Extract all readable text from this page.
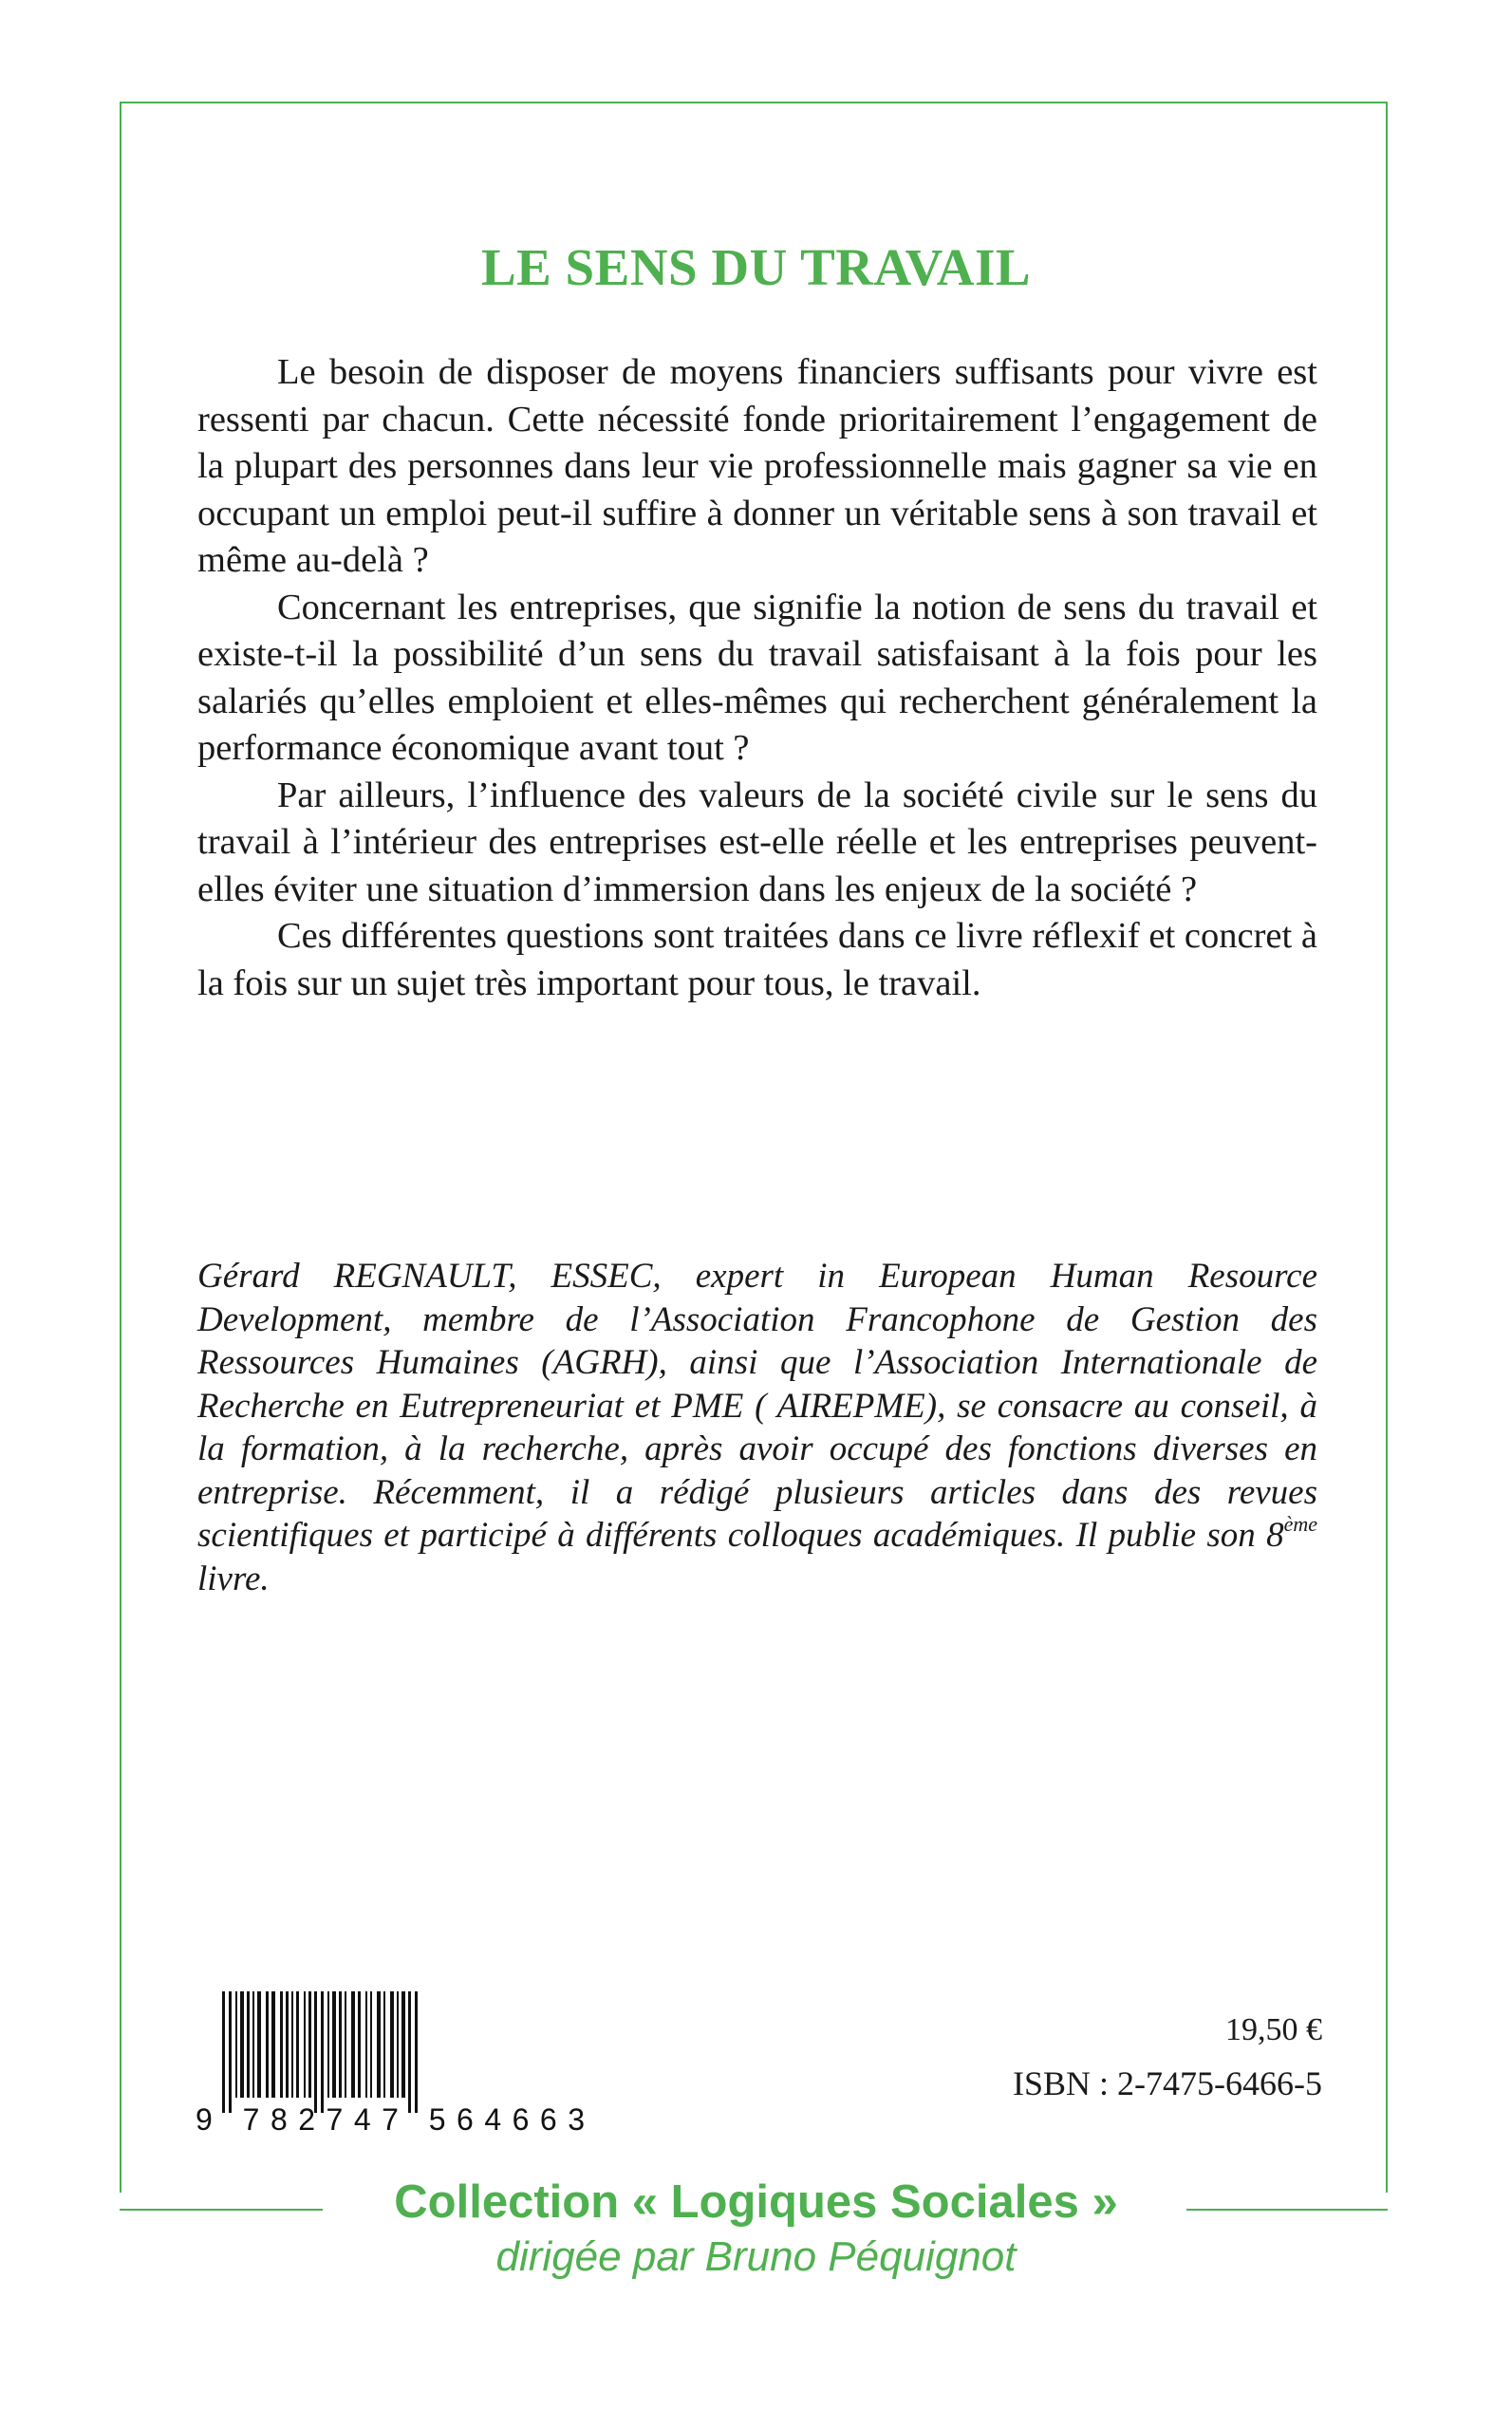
LE SENS DU TRAVAIL

Le besoin de disposer de moyens financiers suffisants pour vivre est ressenti par chacun. Cette nécessité fonde prioritairement l’engagement de la plupart des personnes dans leur vie professionnelle mais gagner sa vie en occupant un emploi peut-il suffire à donner un véritable sens à son travail et même au-delà ?

Concernant les entreprises, que signifie la notion de sens du travail et existe-t-il la possibilité d’un sens du travail satisfaisant à la fois pour les salariés qu’elles emploient et elles-mêmes qui recherchent généralement la performance économique avant tout ?

Par ailleurs, l’influence des valeurs de la société civile sur le sens du travail à l’intérieur des entreprises est-elle réelle et les entreprises peuvent-elles éviter une situation d’immersion dans les enjeux de la société ?

Ces différentes questions sont traitées dans ce livre réflexif et concret à la fois sur un sujet très important pour tous, le travail.

Gérard REGNAULT, ESSEC, expert in European Human Resource Development, membre de l’Association Francophone de Gestion des Ressources Humaines (AGRH), ainsi que l’Association Internationale de Recherche en Eutrepreneuriat et PME ( AIREPME), se consacre au conseil, à la formation, à la recherche, après avoir occupé des fonctions diverses en entreprise. Récemment, il a rédigé plusieurs articles dans des revues scientifiques et participé à différents colloques académiques. Il publie son 8ème livre.

9 782747 564663
19,50 €
ISBN : 2-7475-6466-5

Collection « Logiques Sociales »

dirigée par Bruno Péquignot
